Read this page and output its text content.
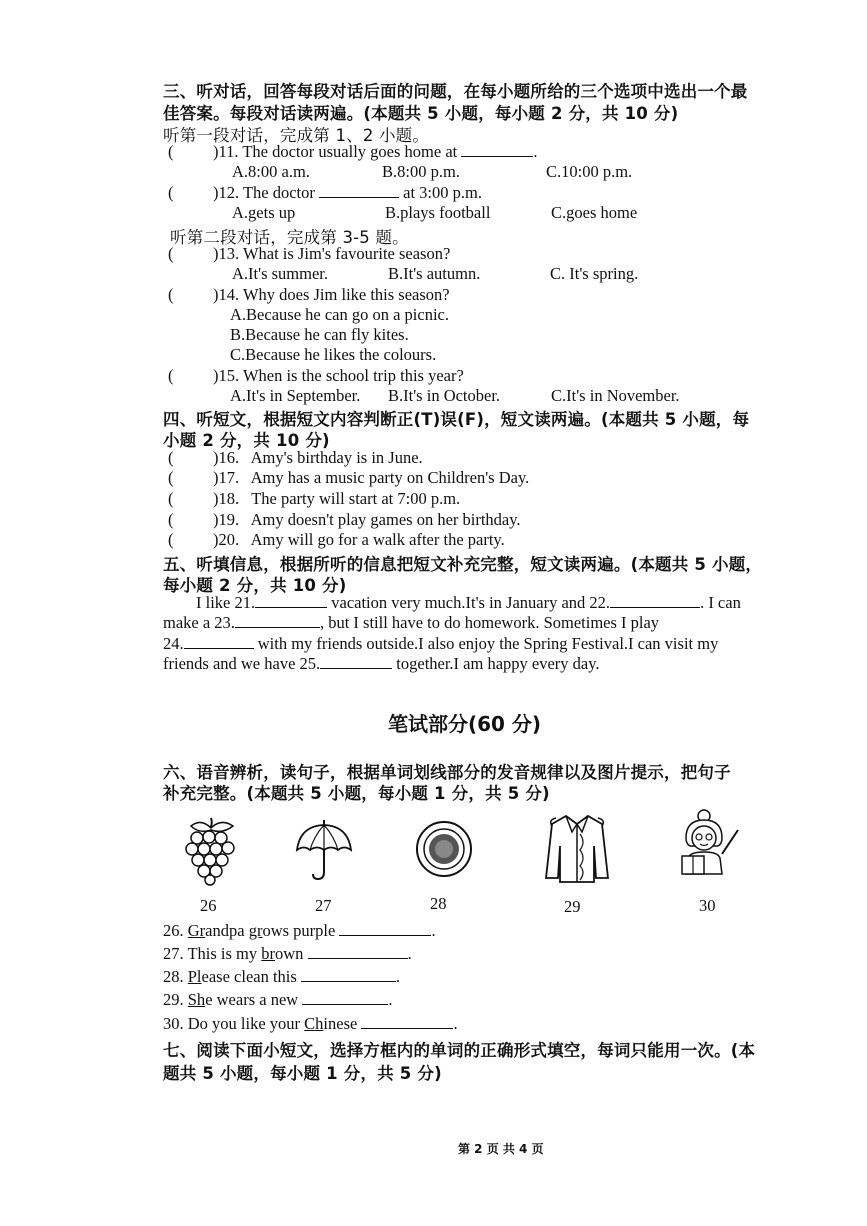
三、听对话，回答每段对话后面的问题，在每小题所给的三个选项中选出一个最
佳答案。每段对话读两遍。(本题共 5 小题，每小题 2 分，共 10 分)
听第一段对话，完成第 1、2 小题。
( )11. The doctor usually goes home at	.
A.8:00 a.m.	B.8:00 p.m.	C.10:00 p.m.
( )12. The doctor	at 3:00 p.m.
A.gets up	B.plays football	C.goes home
听第二段对话，完成第 3-5 题。
( )13. What is Jim's favourite season?
A.It's summer.	B.It's autumn.	C. It's spring.
( )14. Why does Jim like this season?
A.Because he can go on a picnic.
B.Because he can fly kites.
C.Because he likes the colours.
( )15. When is the school trip this year?
A.It's in September. B.It's in October.	C.It's in November.
四、听短文，根据短文内容判断正(T)误(F)，短文读两遍。(本题共 5 小题，每
小题 2 分，共 10 分)
( )16.   Amy's birthday is in June.
( )17.   Amy has a music party on Children's Day.
( )18.   The party will start at 7:00 p.m.
( )19.   Amy doesn't play games on her birthday.
( )20.   Amy will go for a walk after the party.
五、听填信息，根据所听的信息把短文补充完整，短文读两遍。(本题共 5 小题，
每小题 2 分，共 10 分)
I like 21.	vacation very much.It's in January and 22.	. I can
make a 23.	, but I still have to do homework. Sometimes I play
24.	with my friends outside.I also enjoy the Spring Festival.I can visit my
friends and we have 25.	together.I am happy every day.
笔试部分(60 分)
六、语音辨析，读句子，根据单词划线部分的发音规律以及图片提示，把句子
补充完整。(本题共 5 小题，每小题 1 分，共 5 分)
26	27	28	29	30
26. Grandpa grows purple	.
27. This is my brown	.
28. Please clean this	.
29. She wears a new	.
30. Do you like your Chinese	.
七、阅读下面小短文，选择方框内的单词的正确形式填空，每词只能用一次。(本
题共 5 小题，每小题 1 分，共 5 分)
第 2 页 共 4 页
